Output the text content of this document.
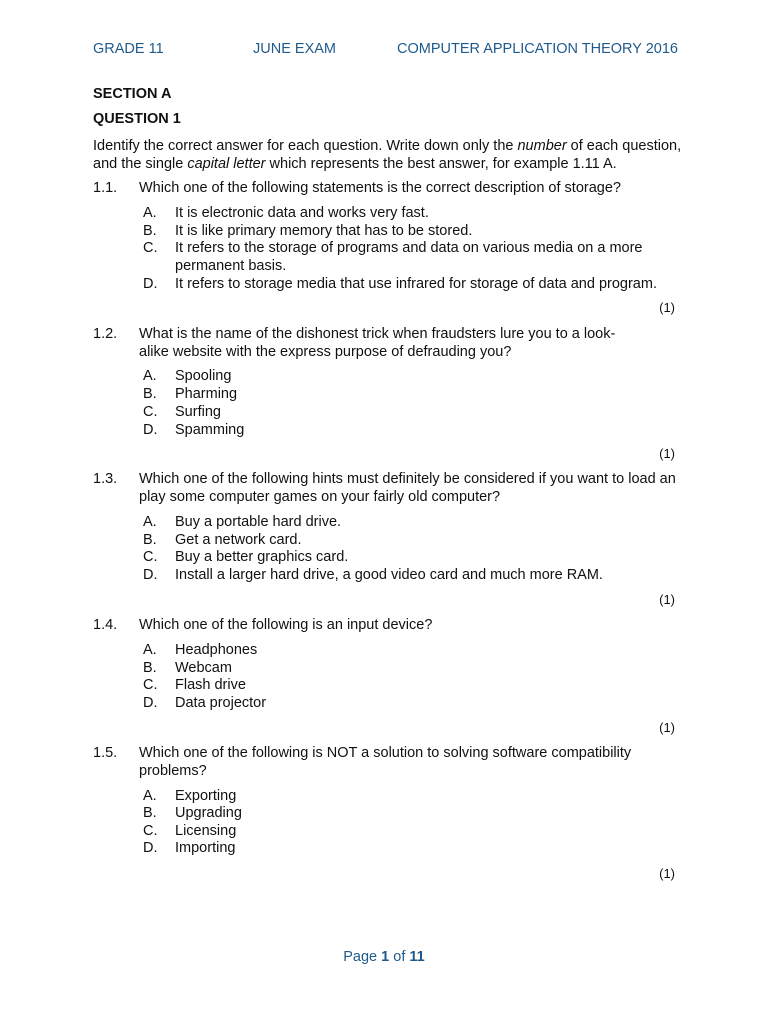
GRADE 11	JUNE EXAM	COMPUTER APPLICATION THEORY 2016
SECTION A
QUESTION 1
Identify the correct answer for each question. Write down only the number of each question, and the single capital letter which represents the best answer, for example 1.11 A.
1.1. Which one of the following statements is the correct description of storage?
A. It is electronic data and works very fast.
B. It is like primary memory that has to be stored.
C. It refers to the storage of programs and data on various media on a more permanent basis.
D. It refers to storage media that use infrared for storage of data and program.
(1)
1.2. What is the name of the dishonest trick when fraudsters lure you to a look-alike website with the express purpose of defrauding you?
A. Spooling
B. Pharming
C. Surfing
D. Spamming
(1)
1.3. Which one of the following hints must definitely be considered if you want to load an play some computer games on your fairly old computer?
A. Buy a portable hard drive.
B. Get a network card.
C. Buy a better graphics card.
D. Install a larger hard drive, a good video card and much more RAM.
(1)
1.4. Which one of the following is an input device?
A. Headphones
B. Webcam
C. Flash drive
D. Data projector
(1)
1.5. Which one of the following is NOT a solution to solving software compatibility problems?
A. Exporting
B. Upgrading
C. Licensing
D. Importing
(1)
Page 1 of 11
